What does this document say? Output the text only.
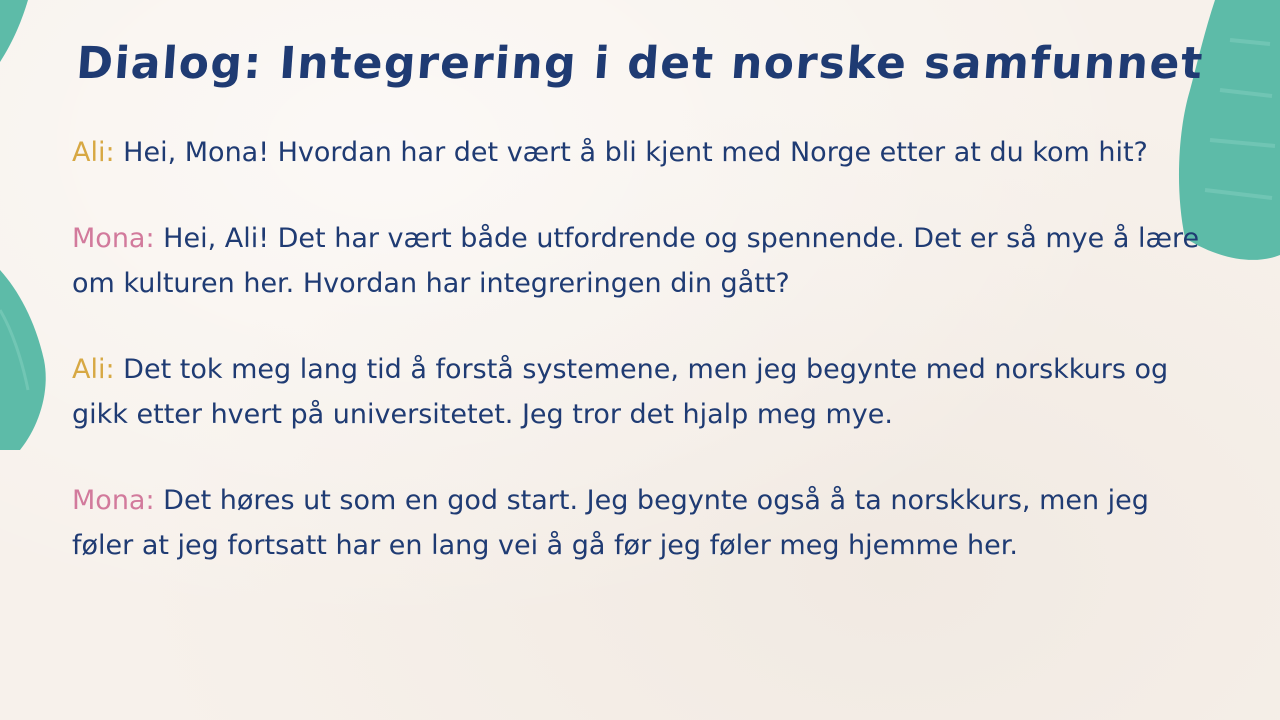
Dialog: Integrering i det norske samfunnet

Ali: Hei, Mona! Hvordan har det vært å bli kjent med Norge etter at du kom hit?

Mona: Hei, Ali! Det har vært både utfordrende og spennende. Det er så mye å lære om kulturen her. Hvordan har integreringen din gått?

Ali: Det tok meg lang tid å forstå systemene, men jeg begynte med norskkurs og gikk etter hvert på universitetet. Jeg tror det hjalp meg mye.

Mona: Det høres ut som en god start. Jeg begynte også å ta norskkurs, men jeg føler at jeg fortsatt har en lang vei å gå før jeg føler meg hjemme her.
